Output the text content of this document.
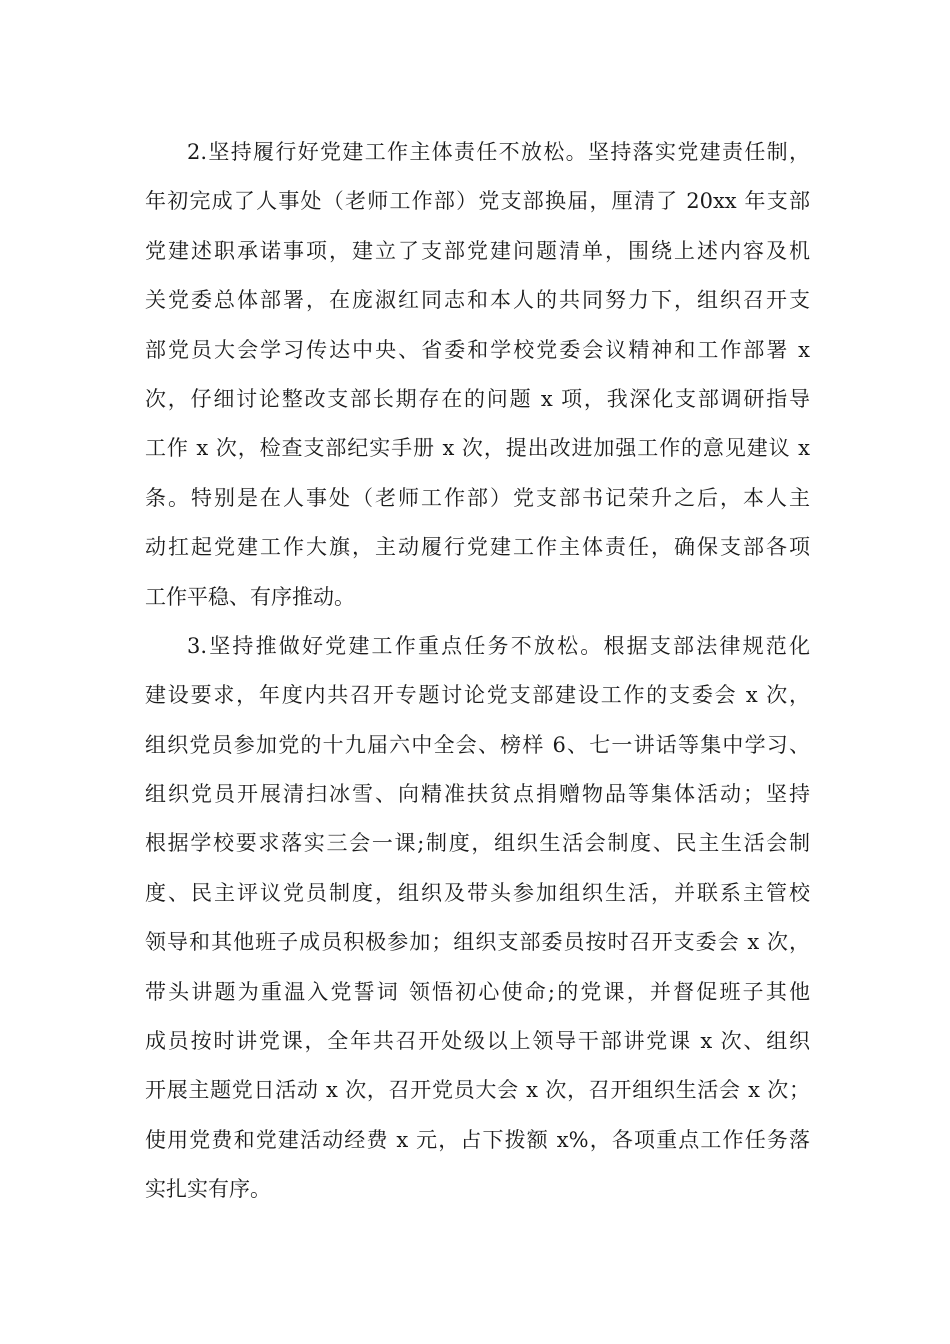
2.坚持履行好党建工作主体责任不放松。坚持落实党建责任制，
年初完成了人事处（老师工作部）党支部换届，厘清了 20xx 年支部
党建述职承诺事项，建立了支部党建问题清单，围绕上述内容及机
关党委总体部署，在庞淑红同志和本人的共同努力下，组织召开支
部党员大会学习传达中央、省委和学校党委会议精神和工作部署 x
次，仔细讨论整改支部长期存在的问题 x 项，我深化支部调研指导
工作 x 次，检查支部纪实手册 x 次，提出改进加强工作的意见建议 x
条。特别是在人事处（老师工作部）党支部书记荣升之后，本人主
动扛起党建工作大旗，主动履行党建工作主体责任，确保支部各项
工作平稳、有序推动。
3.坚持推做好党建工作重点任务不放松。根据支部法律规范化
建设要求，年度内共召开专题讨论党支部建设工作的支委会 x 次，
组织党员参加党的十九届六中全会、榜样 6、七一讲话等集中学习、
组织党员开展清扫冰雪、向精准扶贫点捐赠物品等集体活动；坚持
根据学校要求落实三会一课;制度，组织生活会制度、民主生活会制
度、民主评议党员制度，组织及带头参加组织生活，并联系主管校
领导和其他班子成员积极参加；组织支部委员按时召开支委会 x 次，
带头讲题为重温入党誓词 领悟初心使命;的党课，并督促班子其他
成员按时讲党课，全年共召开处级以上领导干部讲党课 x 次、组织
开展主题党日活动 x 次，召开党员大会 x 次，召开组织生活会 x 次；
使用党费和党建活动经费 x 元，占下拨额 x%，各项重点工作任务落
实扎实有序。
